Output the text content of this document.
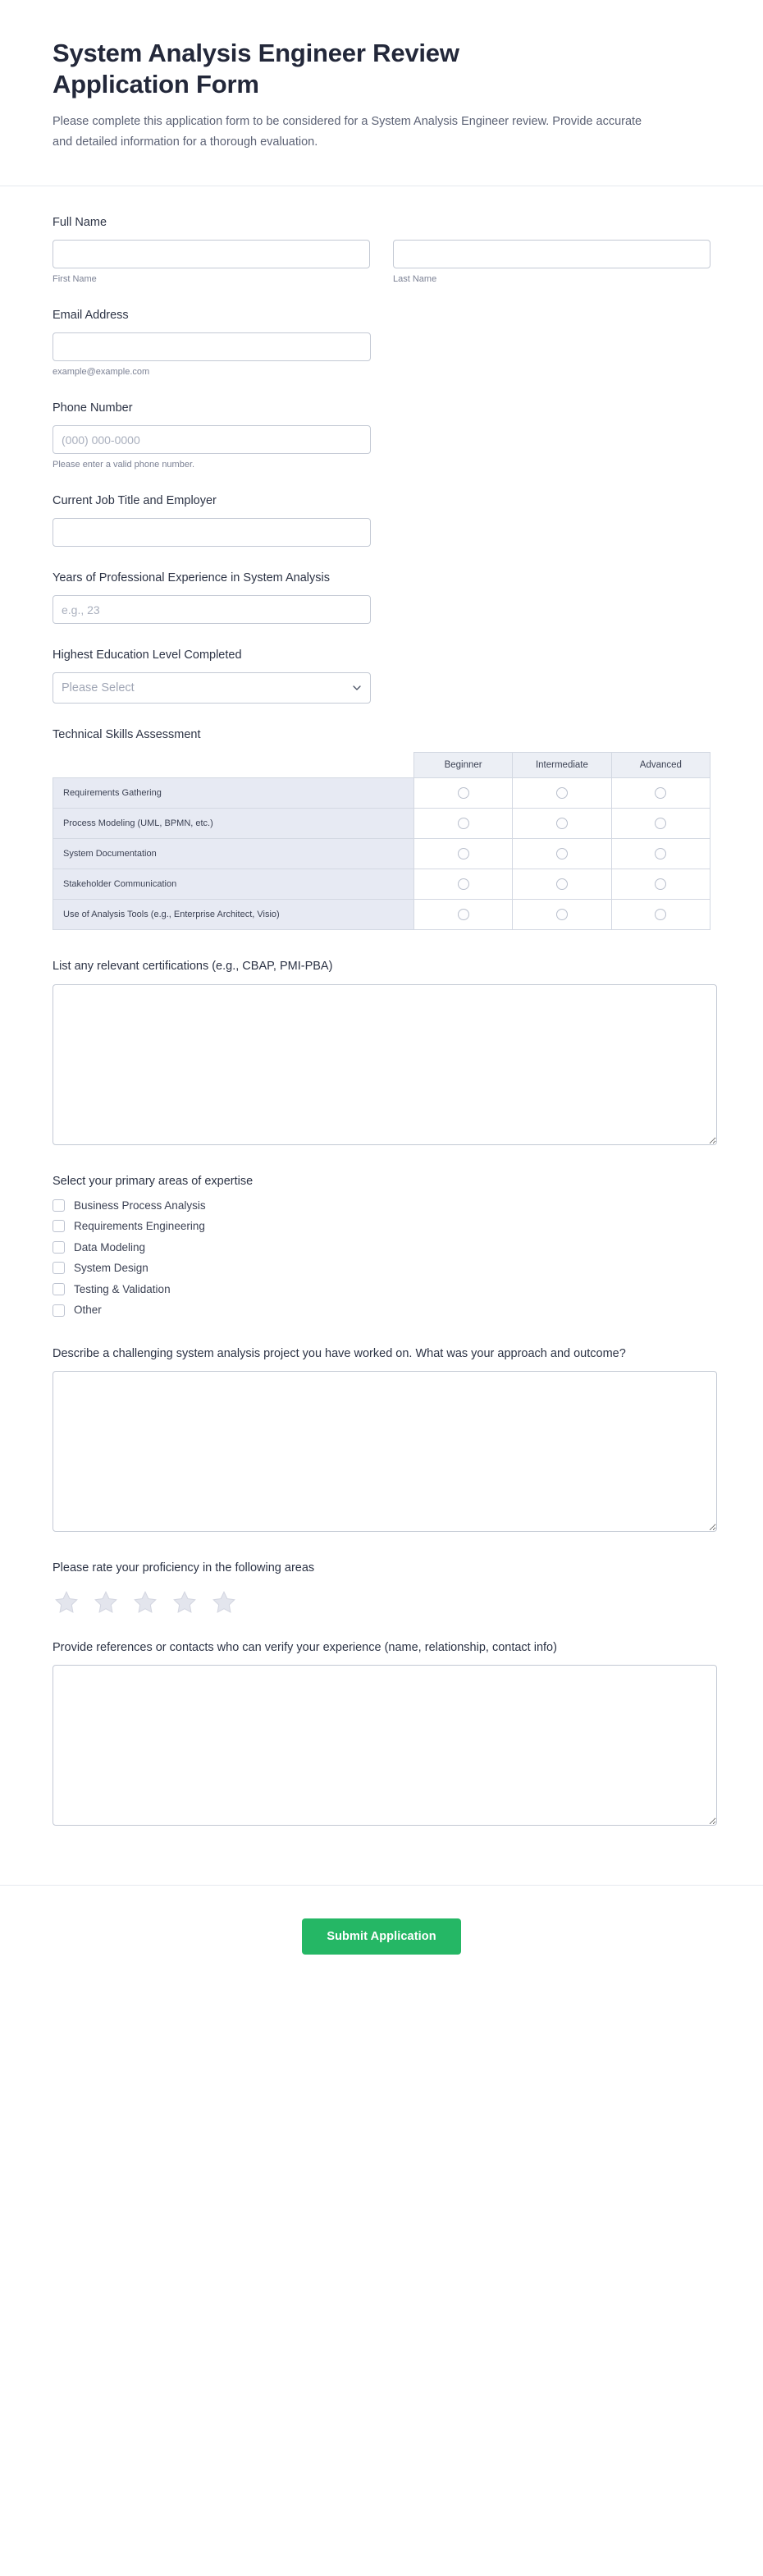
System Analysis Engineer Review Application Form

Please complete this application form to be considered for a System Analysis Engineer review. Provide accurate and detailed information for a thorough evaluation.

Full Name
First Name	Last Name
Email Address
example@example.com
Phone Number
(000) 000-0000
Please enter a valid phone number.
Current Job Title and Employer
Years of Professional Experience in System Analysis
e.g., 23
Highest Education Level Completed
Please Select
Technical Skills Assessment
	Beginner	Intermediate	Advanced
Requirements Gathering			
Process Modeling (UML, BPMN, etc.)			
System Documentation			
Stakeholder Communication			
Use of Analysis Tools (e.g., Enterprise Architect, Visio)			
List any relevant certifications (e.g., CBAP, PMI-PBA)
Select your primary areas of expertise
Business Process Analysis
Requirements Engineering
Data Modeling
System Design
Testing & Validation
Other
Describe a challenging system analysis project you have worked on. What was your approach and outcome?
Please rate your proficiency in the following areas
Provide references or contacts who can verify your experience (name, relationship, contact info)
Submit Application
